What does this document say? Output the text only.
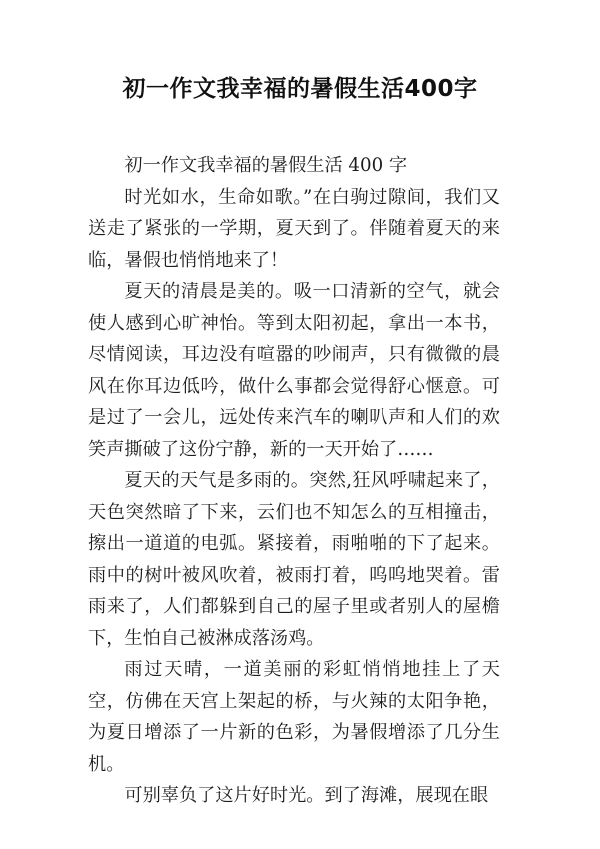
初一作文我幸福的暑假生活400字

初一作文我幸福的暑假生活 400 字

时光如水，生命如歌。”在白驹过隙间，我们又送走了紧张的一学期，夏天到了。伴随着夏天的来临，暑假也悄悄地来了！

夏天的清晨是美的。吸一口清新的空气，就会使人感到心旷神怡。等到太阳初起，拿出一本书，尽情阅读，耳边没有喧嚣的吵闹声，只有微微的晨风在你耳边低吟，做什么事都会觉得舒心惬意。可是过了一会儿，远处传来汽车的喇叭声和人们的欢笑声撕破了这份宁静，新的一天开始了……

夏天的天气是多雨的。突然,狂风呼啸起来了，天色突然暗了下来，云们也不知怎么的互相撞击，擦出一道道的电弧。紧接着，雨啪啪的下了起来。雨中的树叶被风吹着，被雨打着，呜呜地哭着。雷雨来了，人们都躲到自己的屋子里或者别人的屋檐下，生怕自己被淋成落汤鸡。

雨过天晴，一道美丽的彩虹悄悄地挂上了天空，仿佛在天宫上架起的桥，与火辣的太阳争艳，为夏日增添了一片新的色彩，为暑假增添了几分生机。

可别辜负了这片好时光。到了海滩，展现在眼
